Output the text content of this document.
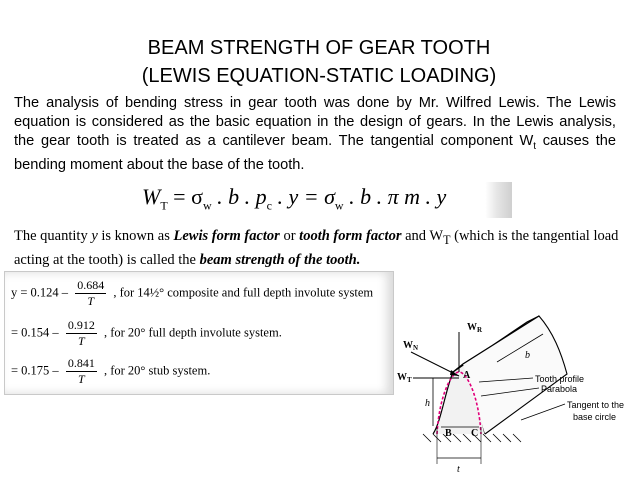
BEAM STRENGTH OF GEAR TOOTH
(LEWIS EQUATION-STATIC LOADING)
The analysis of bending stress in gear tooth was done by Mr. Wilfred Lewis. The Lewis equation is considered as the basic equation in the design of gears. In the Lewis analysis, the gear tooth is treated as a cantilever beam. The tangential component $W_t$ causes the bending moment about the base of the tooth.
$W_T = \sigma_w$ . b . $p_c$ . $y = \sigma_w$ . b . π m . y
The quantity y is known as Lewis form factor or tooth form factor and $W_T$ (which is the tangential load acting at the tooth) is called the beam strength of the tooth.
$y = 0.124 - \frac{0.684}{T}$ , for 14½° composite and full depth involute system
= $0.154 - \frac{0.912}{T}$ , for 20° full depth involute system.
= $0.175 - \frac{0.841}{T}$ , for 20° stub system.
$W_R$
$W_N$
$W_T$	A
b
h
B C
t
Tooth profile
Parabola
Tangent to the
base circle
